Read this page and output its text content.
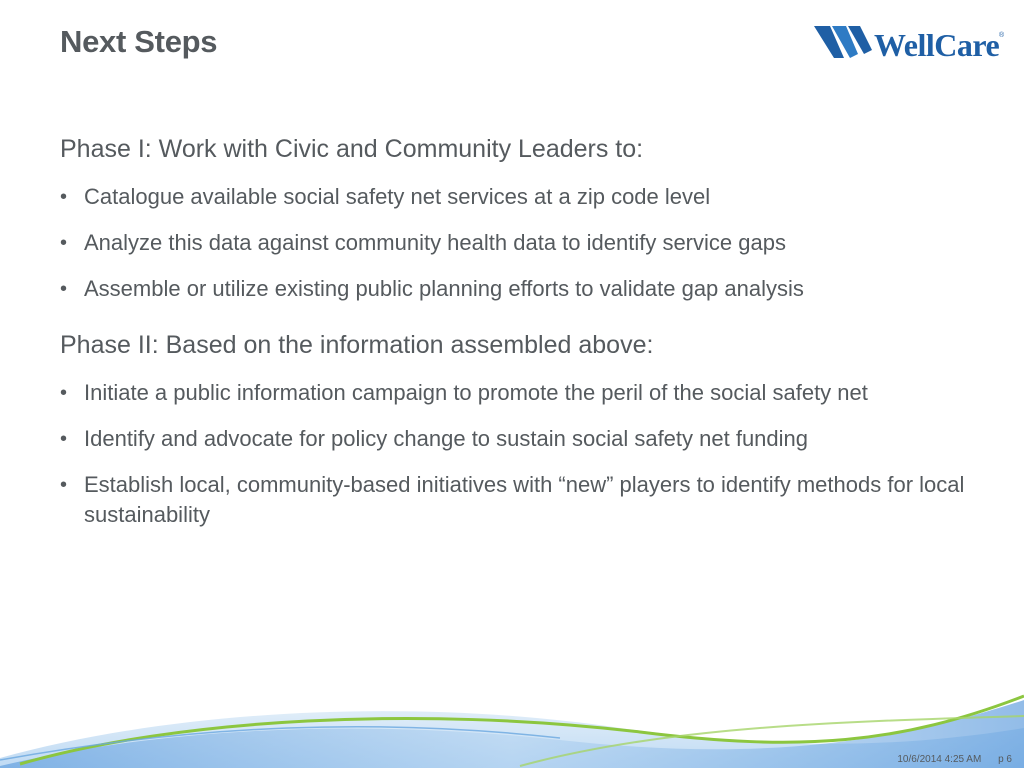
Next Steps	WellCare ®
Phase I: Work with Civic and Community Leaders to:
• Catalogue available social safety net services at a zip code level
• Analyze this data against community health data to identify service gaps
• Assemble or utilize existing public planning efforts to validate gap analysis
Phase II: Based on the information assembled above:
• Initiate a public information campaign to promote the peril of the social safety net
• Identify and advocate for policy change to sustain social safety net funding
• Establish local, community-based initiatives with “new” players to identify methods for local sustainability
10/6/2014 4:25 AM p 6
